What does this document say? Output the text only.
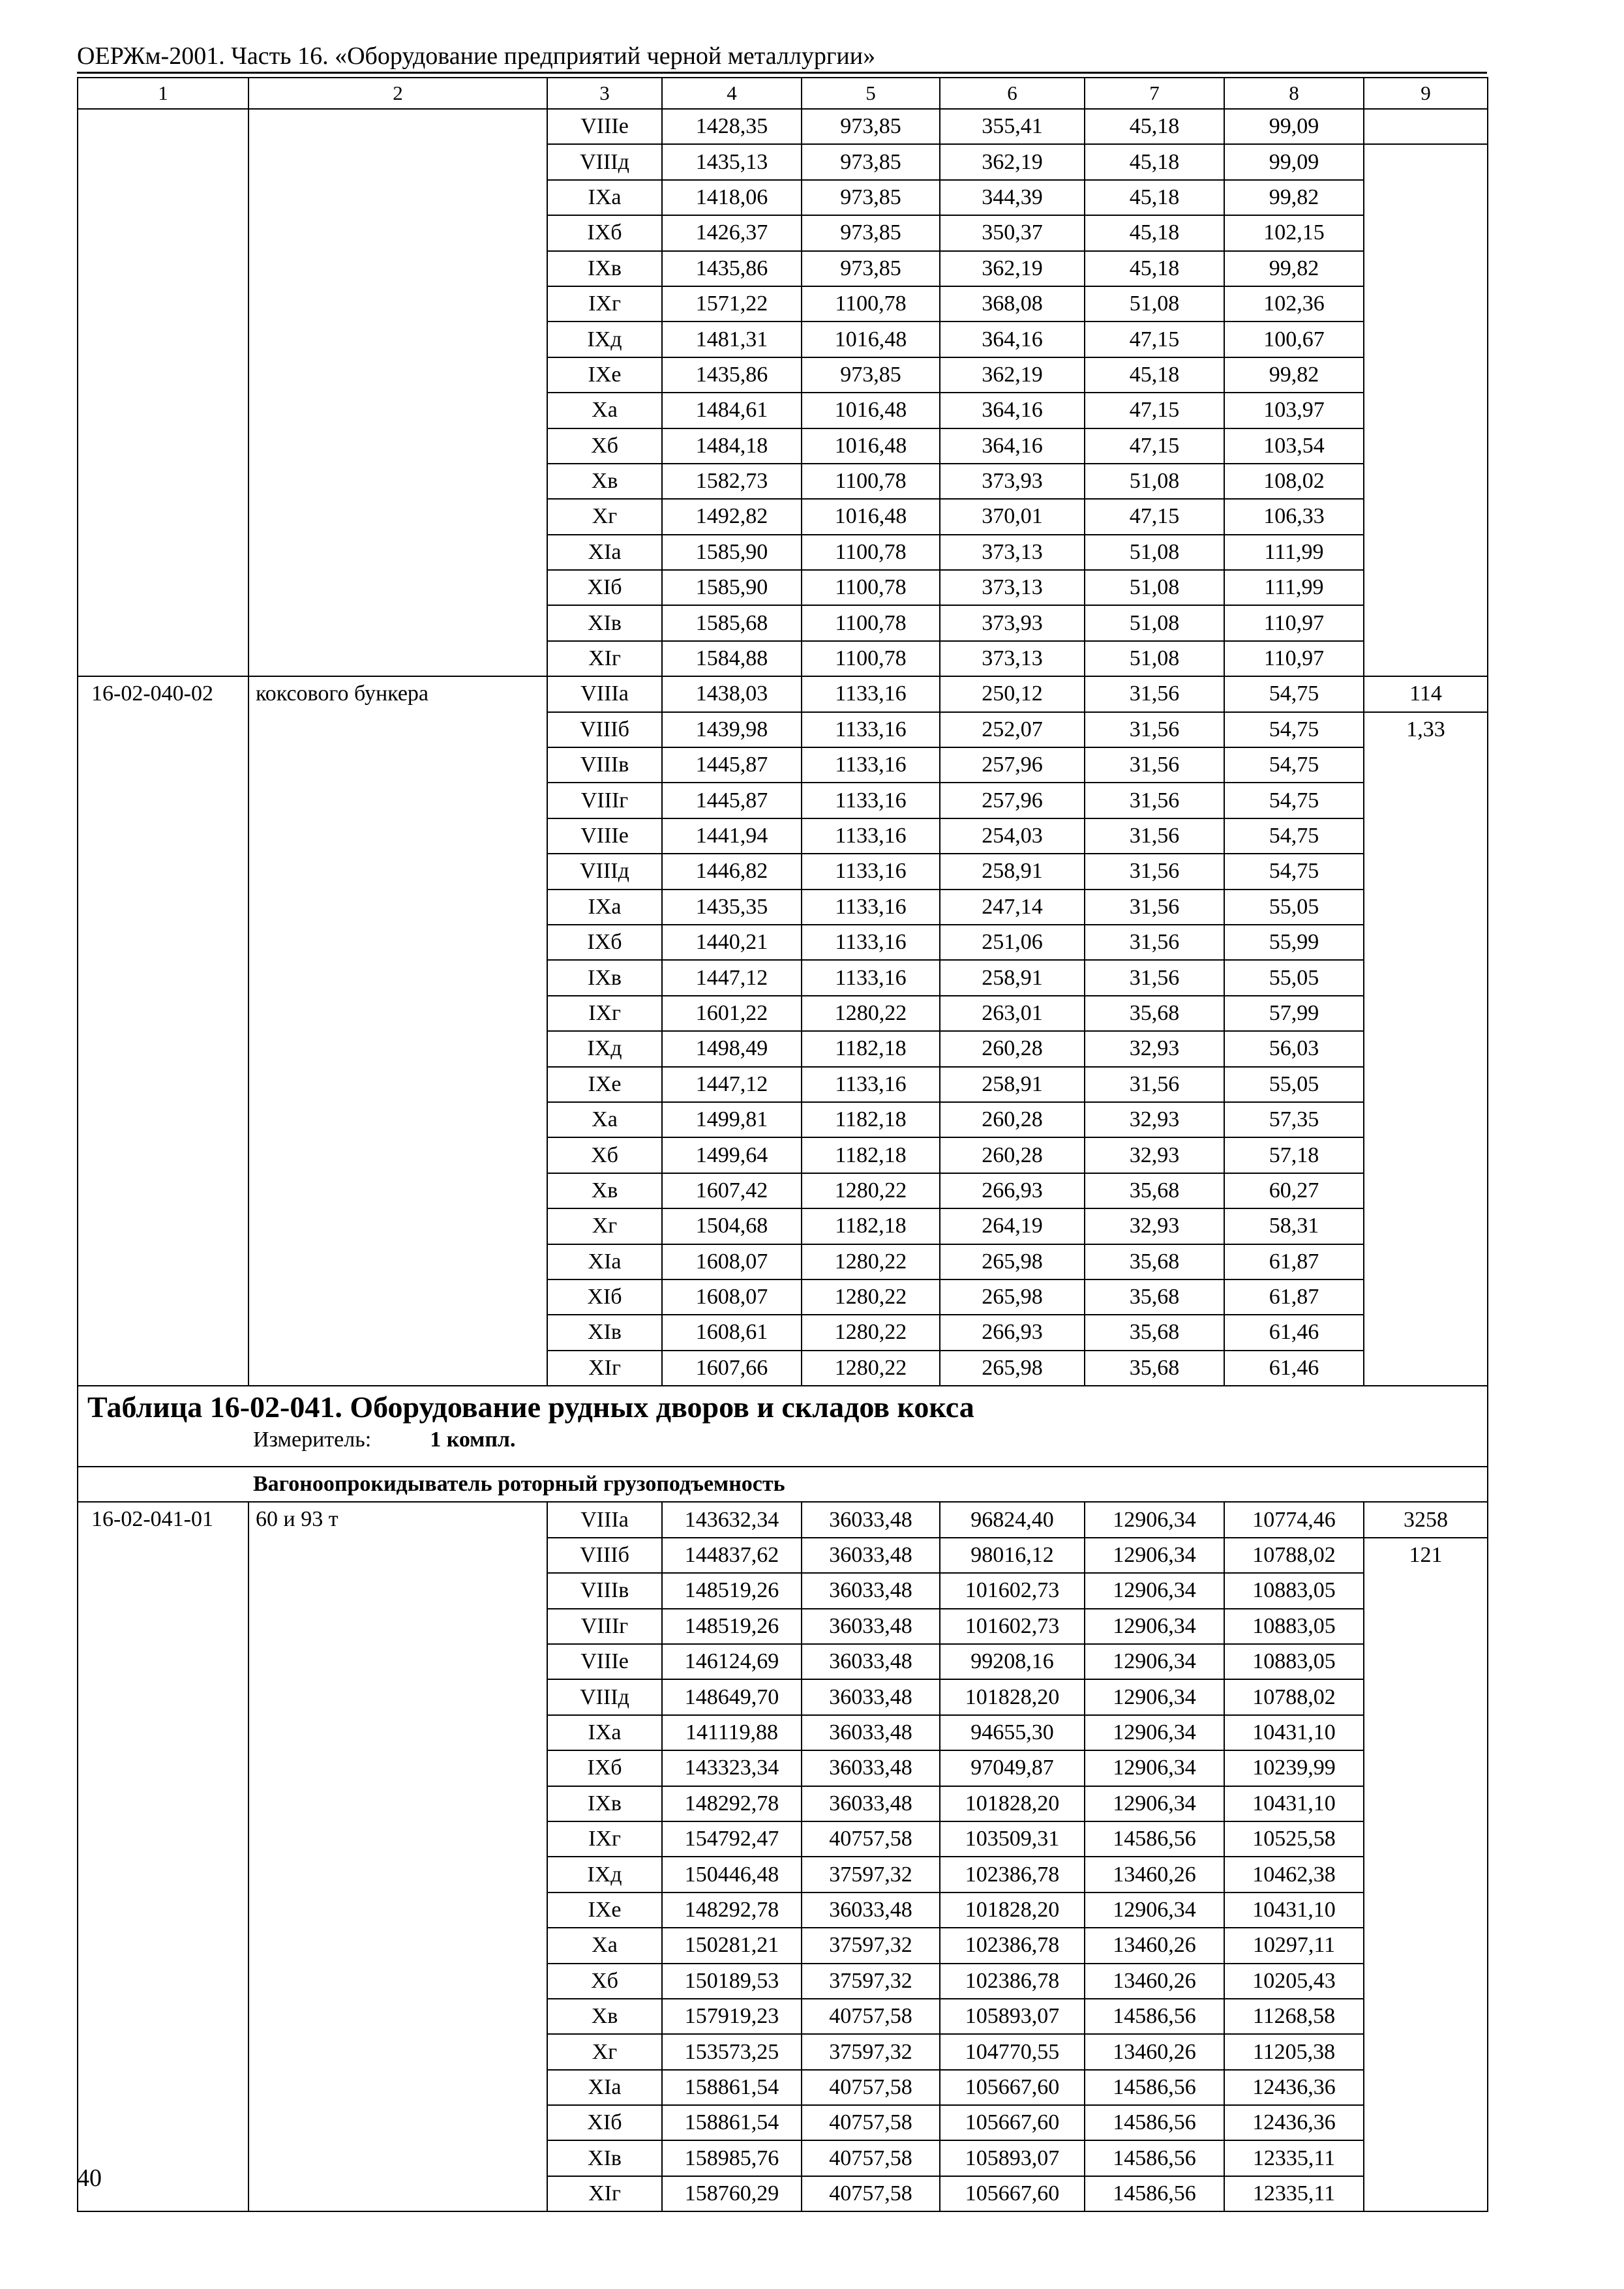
ОЕРЖм-2001. Часть 16. «Оборудование предприятий черной металлургии»
1	2	3	4	5	6	7	8	9
		VIIIе	1428,35	973,85	355,41	45,18	99,09	
		VIIIд	1435,13	973,85	362,19	45,18	99,09	
		IXа	1418,06	973,85	344,39	45,18	99,82	
		IXб	1426,37	973,85	350,37	45,18	102,15	
		IXв	1435,86	973,85	362,19	45,18	99,82	
		IXг	1571,22	1100,78	368,08	51,08	102,36	
		IXд	1481,31	1016,48	364,16	47,15	100,67	
		IXе	1435,86	973,85	362,19	45,18	99,82	
		Xа	1484,61	1016,48	364,16	47,15	103,97	
		Xб	1484,18	1016,48	364,16	47,15	103,54	
		Xв	1582,73	1100,78	373,93	51,08	108,02	
		Xг	1492,82	1016,48	370,01	47,15	106,33	
		XIа	1585,90	1100,78	373,13	51,08	111,99	
		XIб	1585,90	1100,78	373,13	51,08	111,99	
		XIв	1585,68	1100,78	373,93	51,08	110,97	
		XIг	1584,88	1100,78	373,13	51,08	110,97	
16-02-040-02	коксового бункера	VIIIа	1438,03	1133,16	250,12	31,56	54,75	114
		VIIIб	1439,98	1133,16	252,07	31,56	54,75	1,33
		VIIIв	1445,87	1133,16	257,96	31,56	54,75	
		VIIIг	1445,87	1133,16	257,96	31,56	54,75	
		VIIIе	1441,94	1133,16	254,03	31,56	54,75	
		VIIIд	1446,82	1133,16	258,91	31,56	54,75	
		IXа	1435,35	1133,16	247,14	31,56	55,05	
		IXб	1440,21	1133,16	251,06	31,56	55,99	
		IXв	1447,12	1133,16	258,91	31,56	55,05	
		IXг	1601,22	1280,22	263,01	35,68	57,99	
		IXд	1498,49	1182,18	260,28	32,93	56,03	
		IXе	1447,12	1133,16	258,91	31,56	55,05	
		Xа	1499,81	1182,18	260,28	32,93	57,35	
		Xб	1499,64	1182,18	260,28	32,93	57,18	
		Xв	1607,42	1280,22	266,93	35,68	60,27	
		Xг	1504,68	1182,18	264,19	32,93	58,31	
		XIа	1608,07	1280,22	265,98	35,68	61,87	
		XIб	1608,07	1280,22	265,98	35,68	61,87	
		XIв	1608,61	1280,22	266,93	35,68	61,46	
		XIг	1607,66	1280,22	265,98	35,68	61,46	

Таблица 16-02-041. Оборудование рудных дворов и складов кокса
Измеритель: 1 компл.								

Вагоноопрокидыватель роторный грузоподъемность								
16-02-041-01	60 и 93 т	VIIIа	143632,34	36033,48	96824,40	12906,34	10774,46	3258
		VIIIб	144837,62	36033,48	98016,12	12906,34	10788,02	121
		VIIIв	148519,26	36033,48	101602,73	12906,34	10883,05	
		VIIIг	148519,26	36033,48	101602,73	12906,34	10883,05	
		VIIIе	146124,69	36033,48	99208,16	12906,34	10883,05	
		VIIIд	148649,70	36033,48	101828,20	12906,34	10788,02	
		IXа	141119,88	36033,48	94655,30	12906,34	10431,10	
		IXб	143323,34	36033,48	97049,87	12906,34	10239,99	
		IXв	148292,78	36033,48	101828,20	12906,34	10431,10	
		IXг	154792,47	40757,58	103509,31	14586,56	10525,58	
		IXд	150446,48	37597,32	102386,78	13460,26	10462,38	
		IXе	148292,78	36033,48	101828,20	12906,34	10431,10	
		Xа	150281,21	37597,32	102386,78	13460,26	10297,11	
		Xб	150189,53	37597,32	102386,78	13460,26	10205,43	
		Xв	157919,23	40757,58	105893,07	14586,56	11268,58	
		Xг	153573,25	37597,32	104770,55	13460,26	11205,38	
		XIа	158861,54	40757,58	105667,60	14586,56	12436,36	
		XIб	158861,54	40757,58	105667,60	14586,56	12436,36	
		XIв	158985,76	40757,58	105893,07	14586,56	12335,11	
		XIг	158760,29	40757,58	105667,60	14586,56	12335,11	
40
